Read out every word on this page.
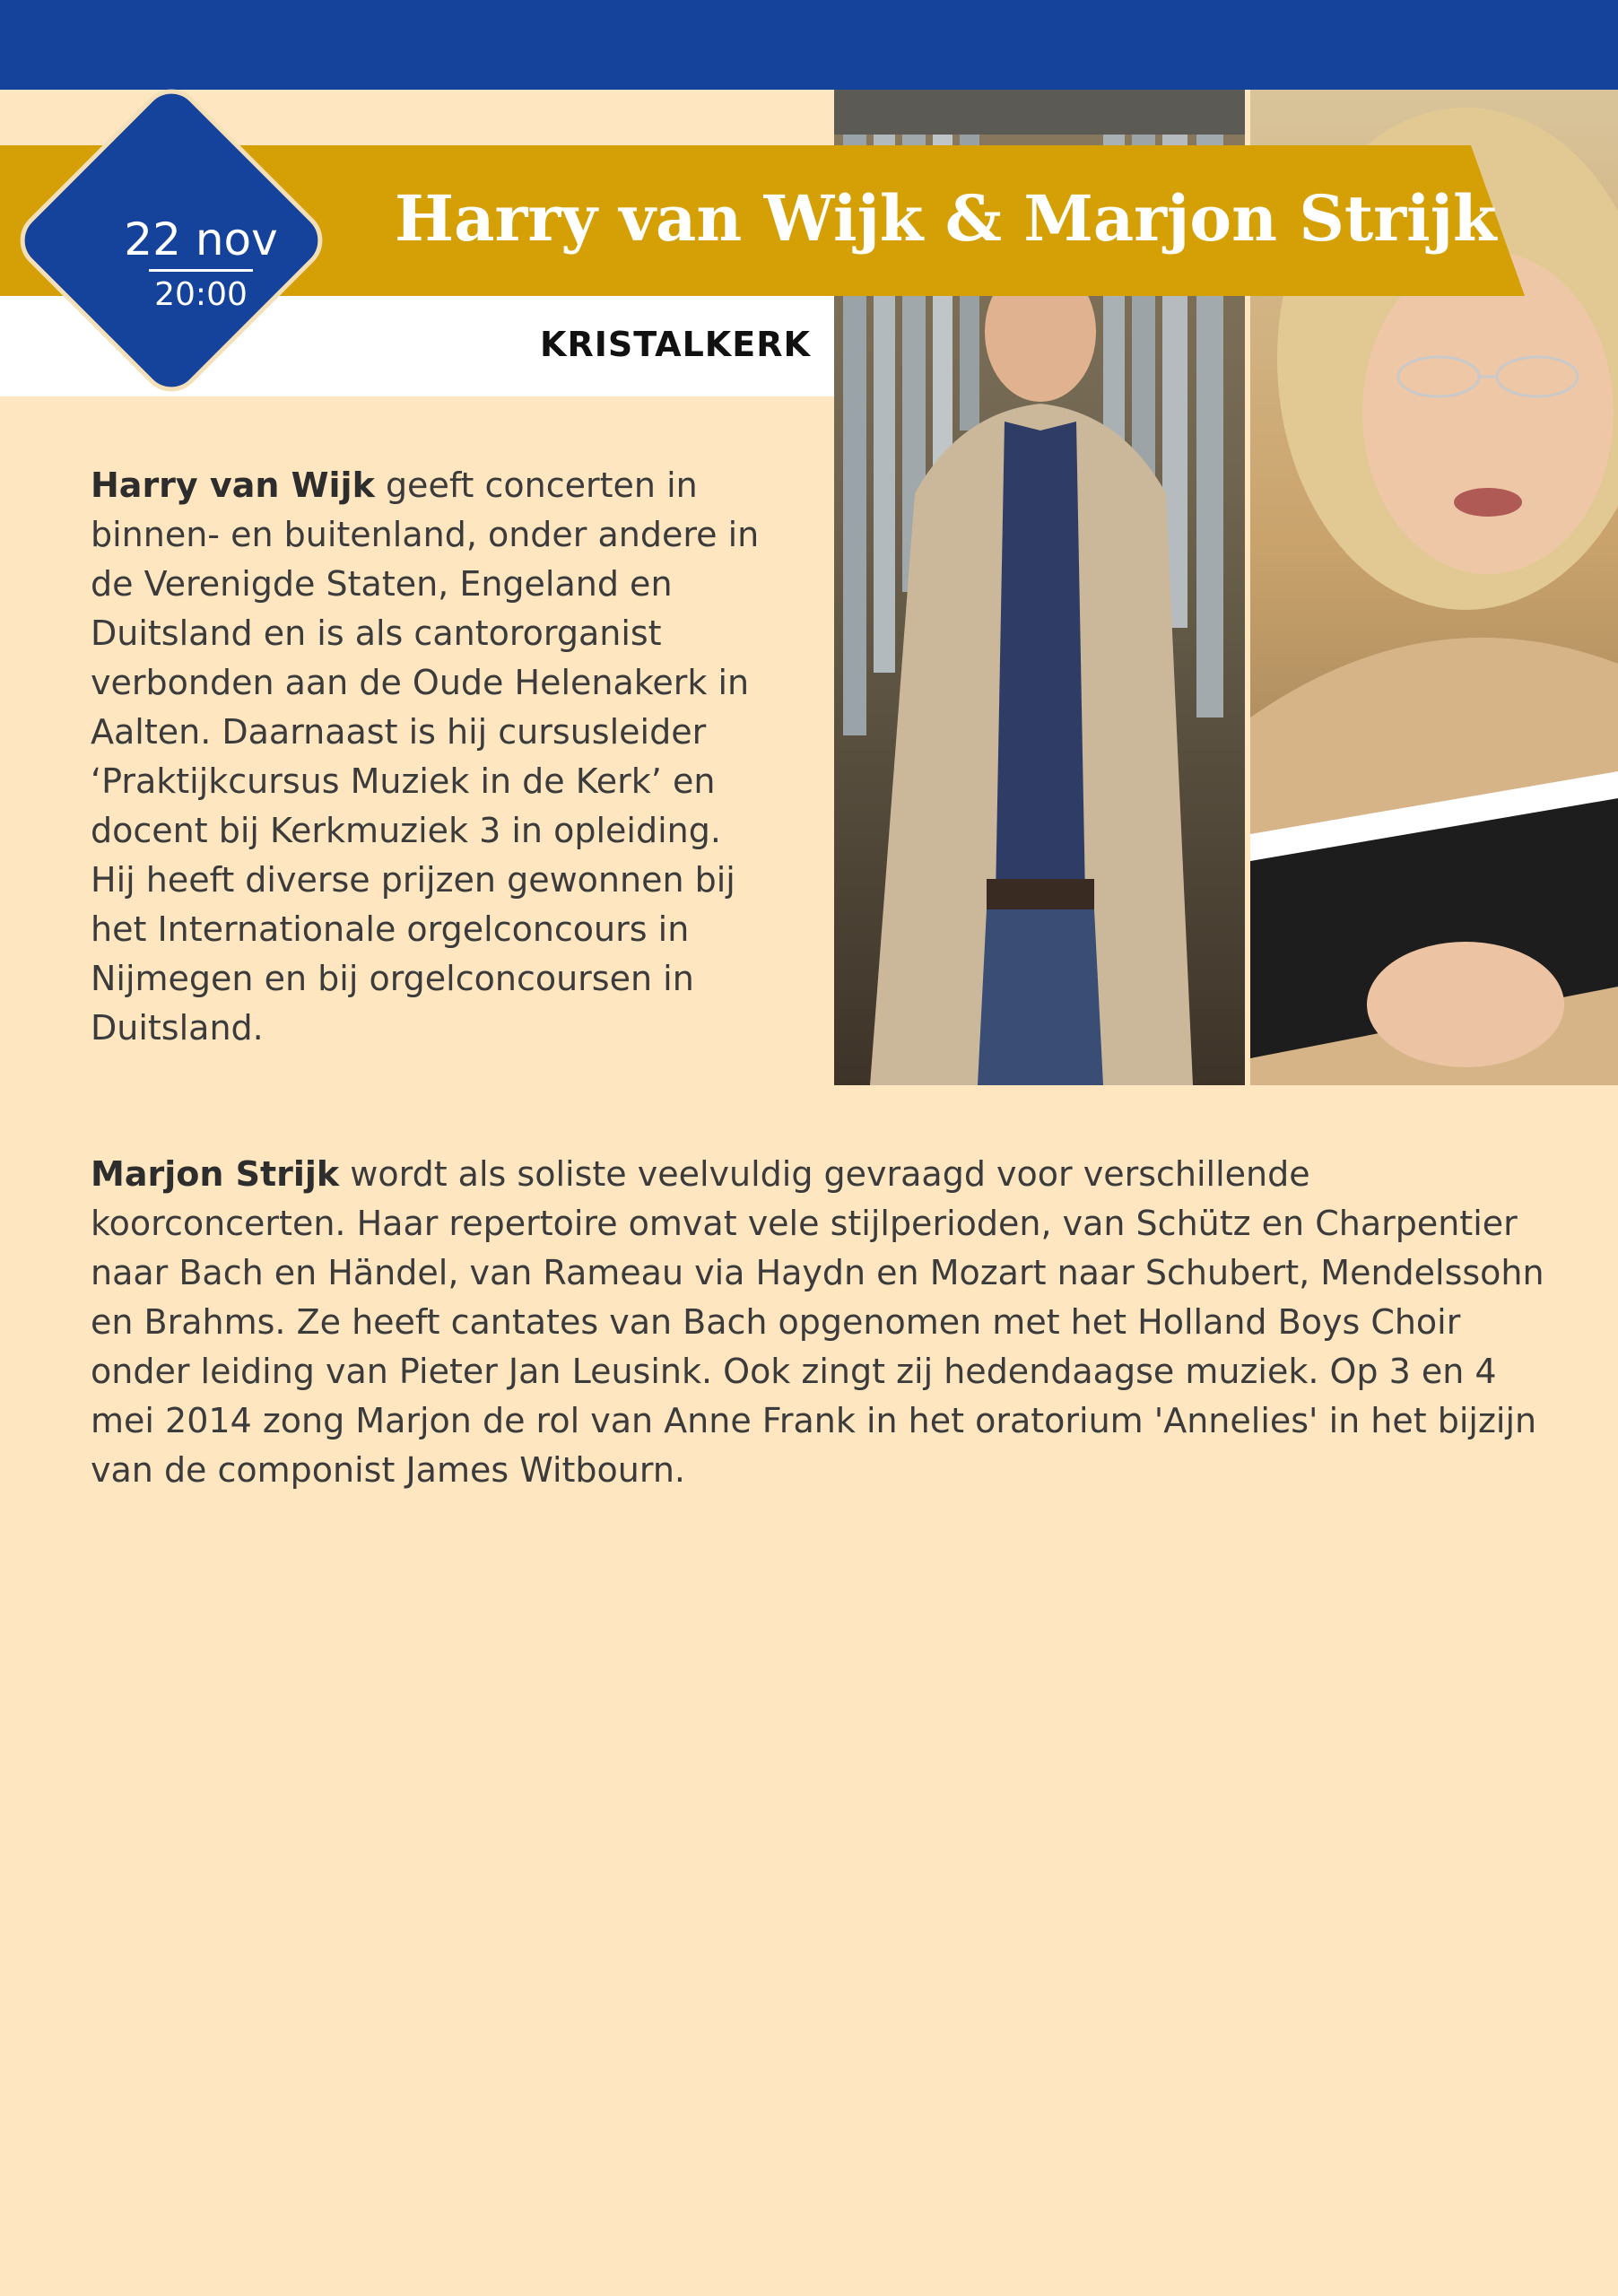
Harry van Wijk & Marjon Strijk
KRISTALKERK
22 nov
20:00
Harry van Wijk geeft concerten in binnen- en buitenland, onder andere in de Verenigde Staten, Engeland en Duitsland en is als cantororganist verbonden aan de Oude Helenakerk in Aalten. Daarnaast is hij cursusleider ‘Praktijkcursus Muziek in de Kerk’ en docent bij Kerkmuziek 3 in opleiding. Hij heeft diverse prijzen gewonnen bij het Internationale orgelconcours in Nijmegen en bij orgelconcoursen in Duitsland.
Marjon Strijk wordt als soliste veelvuldig gevraagd voor verschillende koorconcerten. Haar repertoire omvat vele stijlperioden, van Schütz en Charpentier naar Bach en Händel, van Rameau via Haydn en Mozart naar Schubert, Mendelssohn en Brahms. Ze heeft cantates van Bach opgenomen met het Holland Boys Choir onder leiding van Pieter Jan Leusink. Ook zingt zij hedendaagse muziek. Op 3 en 4 mei 2014 zong Marjon de rol van Anne Frank in het oratorium 'Annelies' in het bijzijn van de componist James Witbourn.
